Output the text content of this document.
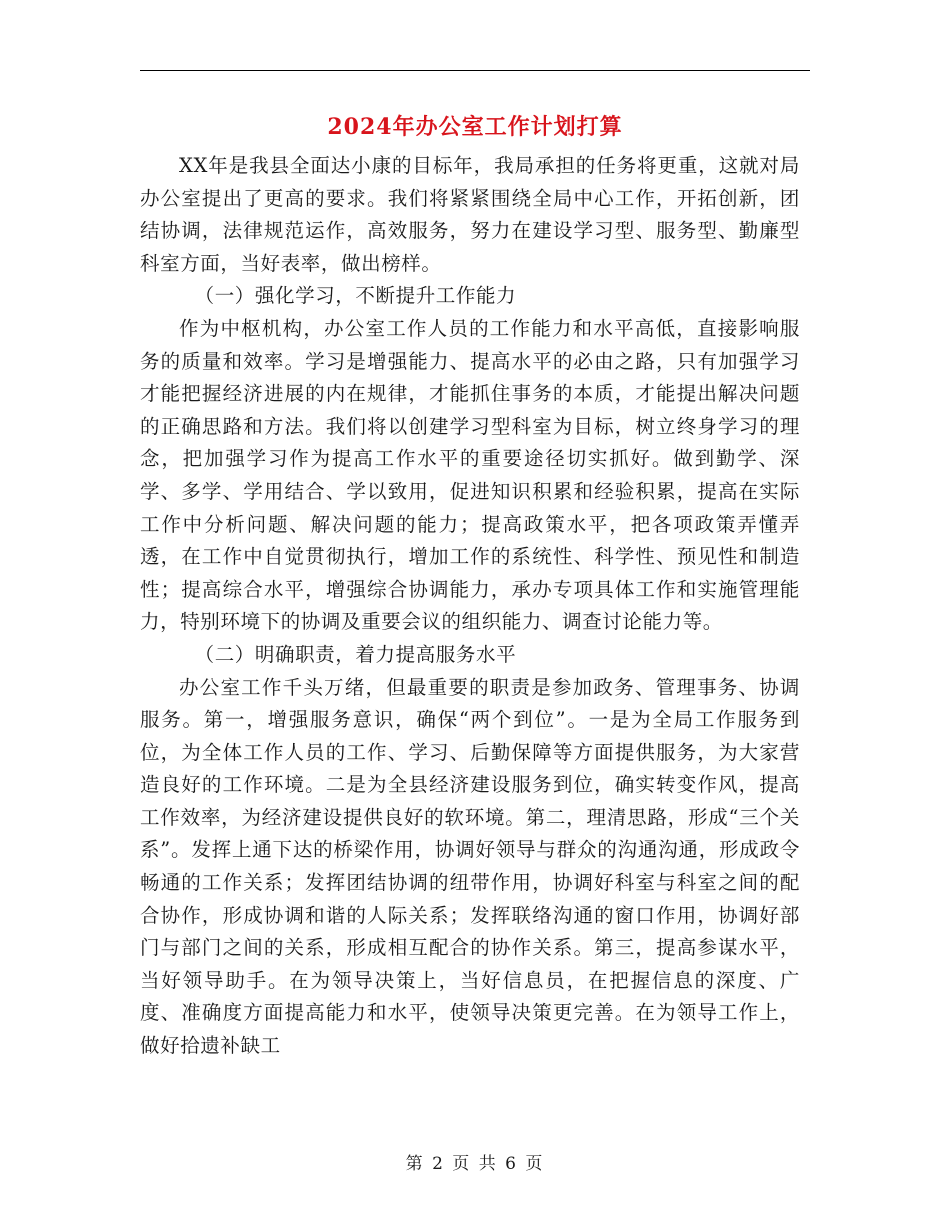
2024年办公室工作计划打算

XX年是我县全面达小康的目标年，我局承担的任务将更重，这就对局办公室提出了更高的要求。我们将紧紧围绕全局中心工作，开拓创新，团结协调，法律规范运作，高效服务，努力在建设学习型、服务型、勤廉型科室方面，当好表率，做出榜样。

（一）强化学习，不断提升工作能力

作为中枢机构，办公室工作人员的工作能力和水平高低，直接影响服务的质量和效率。学习是增强能力、提高水平的必由之路，只有加强学习才能把握经济进展的内在规律，才能抓住事务的本质，才能提出解决问题的正确思路和方法。我们将以创建学习型科室为目标，树立终身学习的理念，把加强学习作为提高工作水平的重要途径切实抓好。做到勤学、深学、多学、学用结合、学以致用，促进知识积累和经验积累，提高在实际工作中分析问题、解决问题的能力；提高政策水平，把各项政策弄懂弄透，在工作中自觉贯彻执行，增加工作的系统性、科学性、预见性和制造性；提高综合水平，增强综合协调能力，承办专项具体工作和实施管理能力，特别环境下的协调及重要会议的组织能力、调查讨论能力等。

（二）明确职责，着力提高服务水平

办公室工作千头万绪，但最重要的职责是参加政务、管理事务、协调服务。第一，增强服务意识，确保“两个到位”。一是为全局工作服务到位，为全体工作人员的工作、学习、后勤保障等方面提供服务，为大家营造良好的工作环境。二是为全县经济建设服务到位，确实转变作风，提高工作效率，为经济建设提供良好的软环境。第二，理清思路，形成“三个关系”。发挥上通下达的桥梁作用，协调好领导与群众的沟通沟通，形成政令畅通的工作关系；发挥团结协调的纽带作用，协调好科室与科室之间的配合协作，形成协调和谐的人际关系；发挥联络沟通的窗口作用，协调好部门与部门之间的关系，形成相互配合的协作关系。第三，提高参谋水平，当好领导助手。在为领导决策上，当好信息员，在把握信息的深度、广度、准确度方面提高能力和水平，使领导决策更完善。在为领导工作上，做好拾遗补缺工

第 2 页 共 6 页
